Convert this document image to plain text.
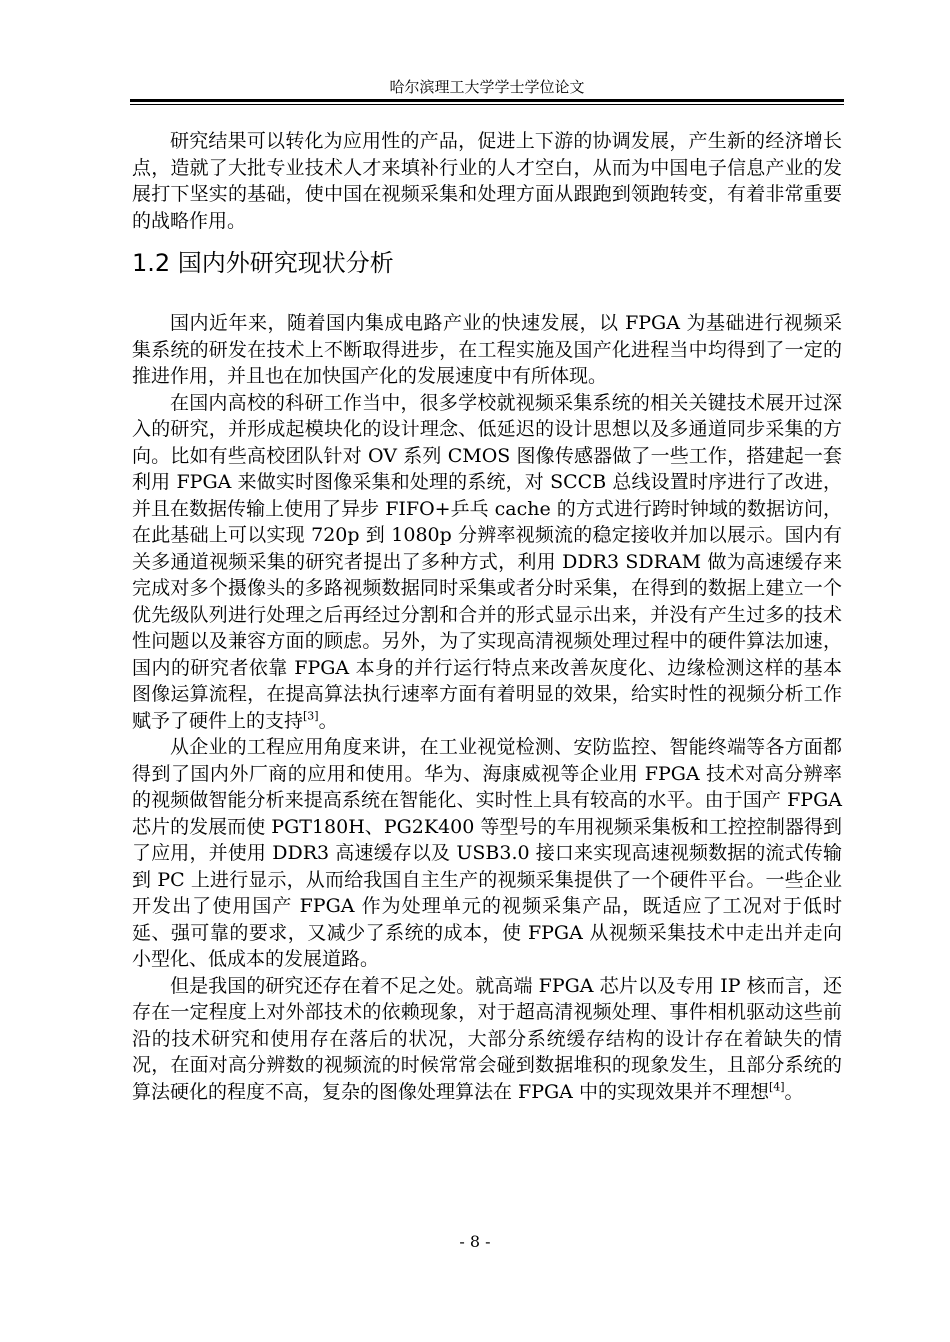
哈尔滨理工大学学士学位论文

研究结果可以转化为应用性的产品，促进上下游的协调发展，产生新的经济增长点，造就了大批专业技术人才来填补行业的人才空白，从而为中国电子信息产业的发展打下坚实的基础，使中国在视频采集和处理方面从跟跑到领跑转变，有着非常重要的战略作用。

1.2 国内外研究现状分析

国内近年来，随着国内集成电路产业的快速发展，以 FPGA 为基础进行视频采集系统的研发在技术上不断取得进步，在工程实施及国产化进程当中均得到了一定的推进作用，并且也在加快国产化的发展速度中有所体现。

在国内高校的科研工作当中，很多学校就视频采集系统的相关关键技术展开过深入的研究，并形成起模块化的设计理念、低延迟的设计思想以及多通道同步采集的方向。比如有些高校团队针对 OV 系列 CMOS 图像传感器做了一些工作，搭建起一套利用 FPGA 来做实时图像采集和处理的系统，对 SCCB 总线设置时序进行了改进，并且在数据传输上使用了异步 FIFO+乒乓 cache 的方式进行跨时钟域的数据访问，在此基础上可以实现 720p 到 1080p 分辨率视频流的稳定接收并加以展示。国内有关多通道视频采集的研究者提出了多种方式，利用 DDR3 SDRAM 做为高速缓存来完成对多个摄像头的多路视频数据同时采集或者分时采集，在得到的数据上建立一个优先级队列进行处理之后再经过分割和合并的形式显示出来，并没有产生过多的技术性问题以及兼容方面的顾虑。另外，为了实现高清视频处理过程中的硬件算法加速，国内的研究者依靠 FPGA 本身的并行运行特点来改善灰度化、边缘检测这样的基本图像运算流程，在提高算法执行速率方面有着明显的效果，给实时性的视频分析工作赋予了硬件上的支持[3]。

从企业的工程应用角度来讲，在工业视觉检测、安防监控、智能终端等各方面都得到了国内外厂商的应用和使用。华为、海康威视等企业用 FPGA 技术对高分辨率的视频做智能分析来提高系统在智能化、实时性上具有较高的水平。由于国产 FPGA 芯片的发展而使 PGT180H、PG2K400 等型号的车用视频采集板和工控控制器得到了应用，并使用 DDR3 高速缓存以及 USB3.0 接口来实现高速视频数据的流式传输到 PC 上进行显示，从而给我国自主生产的视频采集提供了一个硬件平台。一些企业开发出了使用国产 FPGA 作为处理单元的视频采集产品，既适应了工况对于低时延、强可靠的要求，又减少了系统的成本，使 FPGA 从视频采集技术中走出并走向小型化、低成本的发展道路。

但是我国的研究还存在着不足之处。就高端 FPGA 芯片以及专用 IP 核而言，还存在一定程度上对外部技术的依赖现象，对于超高清视频处理、事件相机驱动这些前沿的技术研究和使用存在落后的状况，大部分系统缓存结构的设计存在着缺失的情况，在面对高分辨数的视频流的时候常常会碰到数据堆积的现象发生，且部分系统的算法硬化的程度不高，复杂的图像处理算法在 FPGA 中的实现效果并不理想[4]。

- 8 -
